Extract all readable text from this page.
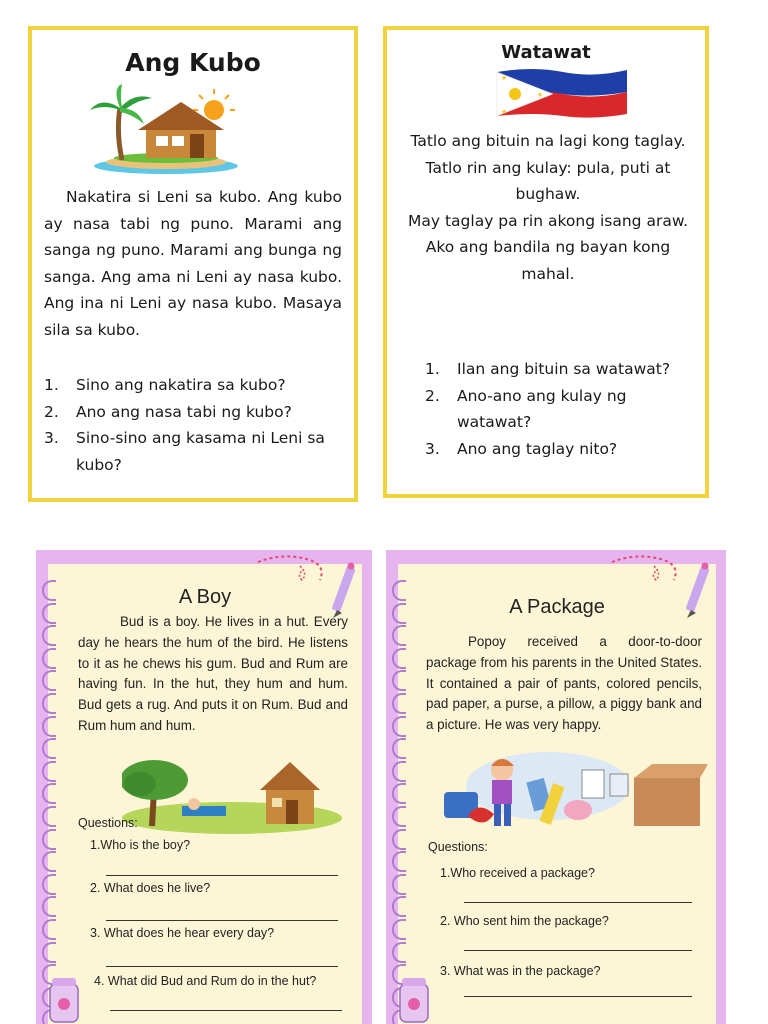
Ang Kubo
Nakatira si Leni sa kubo. Ang kubo ay nasa tabi ng puno. Marami ang sanga ng puno. Marami ang bunga ng sanga. Ang ama ni Leni ay nasa kubo. Ang ina ni Leni ay nasa kubo. Masaya sila sa kubo.
1.	Sino ang nakatira sa kubo?
2.	Ano ang nasa tabi ng kubo?
3.	Sino-sino ang kasama ni Leni sa kubo?
Watawat
★
★
★
Tatlo ang bituin na lagi kong taglay.
Tatlo rin ang kulay: pula, puti at bughaw.
May taglay pa rin akong isang araw.
Ako ang bandila ng bayan kong mahal.
1.	Ilan ang bituin sa watawat?
2.	Ano-ano ang kulay ng watawat?
3.	Ano ang taglay nito?
A Boy
Bud is a boy. He lives in a hut. Every day he hears the hum of the bird. He listens to it as he chews his gum. Bud and Rum are having fun. In the hut, they hum and hum. Bud gets a rug. And puts it on Rum. Bud and Rum hum and hum.
Questions:
1.Who is the boy?
2. What does he live?
3. What does he hear every day?
4. What did Bud and Rum do in the hut?
A Package
Popoy received a door-to-door package from his parents in the United States. It contained a pair of pants, colored pencils, pad paper, a purse, a pillow, a piggy bank and a picture. He was very happy.
Questions:
1.Who received a package?
2. Who sent him the package?
3. What was in the package?
